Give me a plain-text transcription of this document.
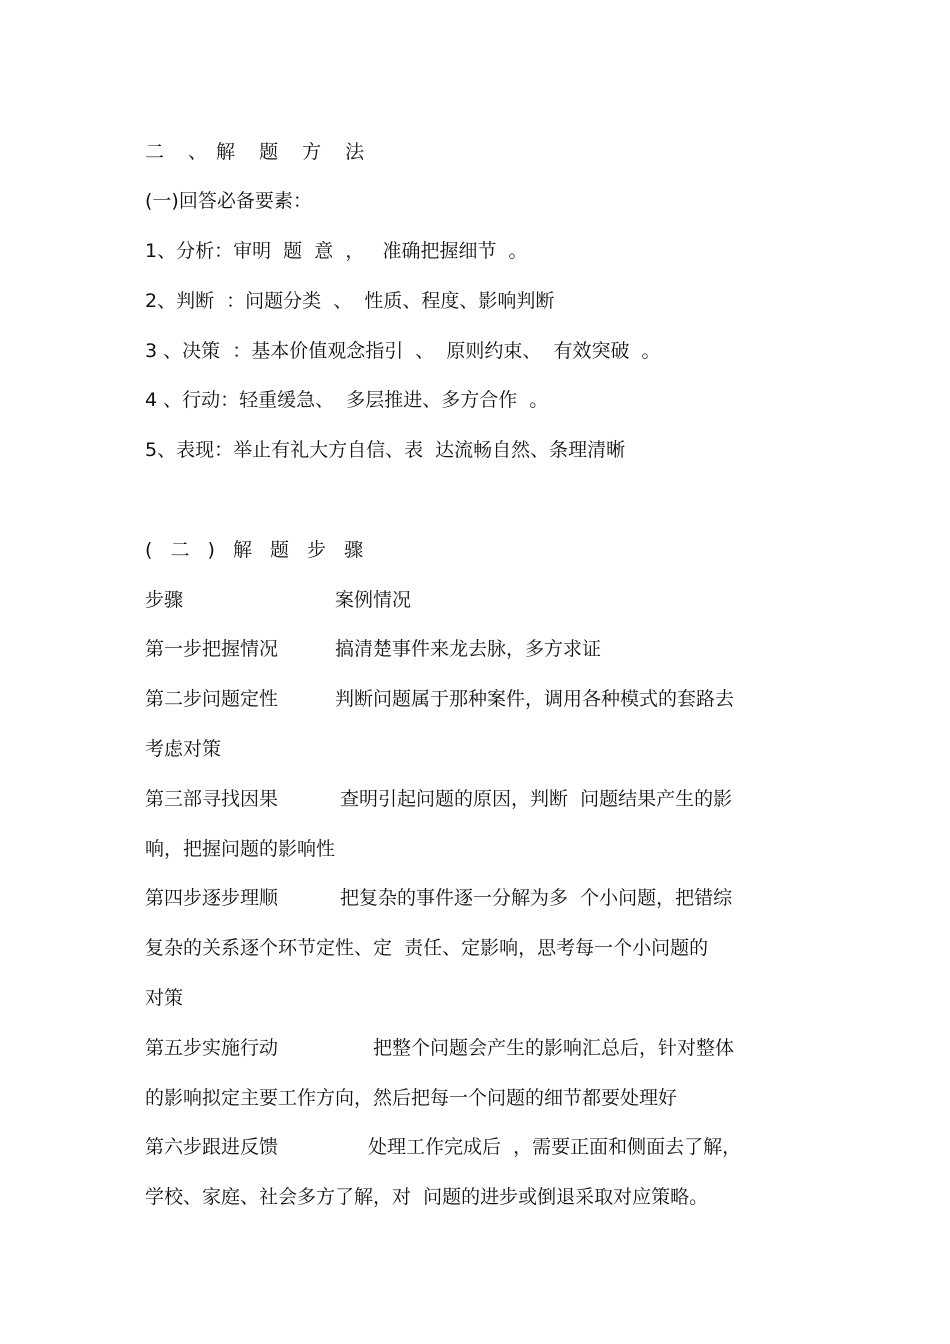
二 、解 题 方 法
(一)回答必备要素：
1、分析：审明  题  意  ，   准确把握细节  。
2、判断  ：问题分类  、  性质、程度、影响判断
3 、决策  ：基本价值观念指引  、  原则约束、  有效突破  。
4 、行动：轻重缓急、  多层推进、多方合作  。
5、表现：举止有礼大方自信、表  达流畅自然、条理清晰
( 二 ) 解 题 步 骤
步骤	案例情况
第一步把握情况	搞清楚事件来龙去脉，多方求证
第二步问题定性	判断问题属于那种案件，调用各种模式的套路去
考虑对策
第三部寻找因果	查明引起问题的原因，判断  问题结果产生的影
响，把握问题的影响性
第四步逐步理顺	把复杂的事件逐一分解为多  个小问题，把错综
复杂的关系逐个环节定性、定  责任、定影响，思考每一个小问题的
对策
第五步实施行动	把整个问题会产生的影响汇总后，针对整体
的影响拟定主要工作方向，然后把每一个问题的细节都要处理好
第六步跟进反馈	处理工作完成后  ，需要正面和侧面去了解，
学校、家庭、社会多方了解，对  问题的进步或倒退采取对应策略。
